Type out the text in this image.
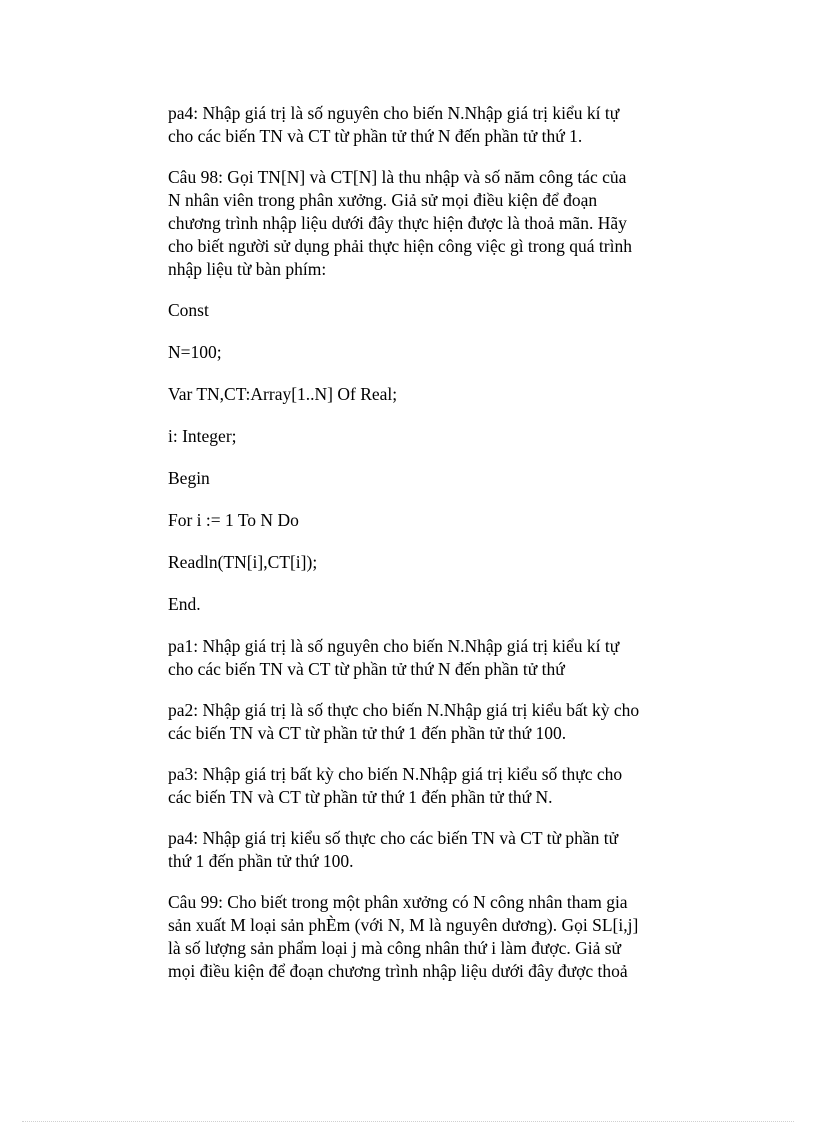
pa4: Nhập giá trị là số nguyên cho biến N.Nhập giá trị kiểu kí tự
cho các biến TN và CT từ phần tử thứ N đến phần tử thứ 1.

Câu 98: Gọi TN[N] và CT[N] là thu nhập và số năm công tác của
N nhân viên trong phân xưởng. Giả sử mọi điều kiện để đoạn
chương trình nhập liệu dưới đây thực hiện được là thoả mãn. Hãy
cho biết người sử dụng phải thực hiện công việc gì trong quá trình
nhập liệu từ bàn phím:

Const

N=100;

Var TN,CT:Array[1..N] Of Real;

i: Integer;

Begin

For i := 1 To N Do

Readln(TN[i],CT[i]);

End.

pa1: Nhập giá trị là số nguyên cho biến N.Nhập giá trị kiểu kí tự
cho các biến TN và CT từ phần tử thứ N đến phần tử thứ

pa2: Nhập giá trị là số thực cho biến N.Nhập giá trị kiểu bất kỳ cho
các biến TN và CT từ phần tử thứ 1 đến phần tử thứ 100.

pa3: Nhập giá trị bất kỳ cho biến N.Nhập giá trị kiểu số thực cho
các biến TN và CT từ phần tử thứ 1 đến phần tử thứ N.

pa4: Nhập giá trị kiểu số thực cho các biến TN và CT từ phần tử
thứ 1 đến phần tử thứ 100.

Câu 99: Cho biết trong một phân xưởng có N công nhân tham gia
sản xuất M loại sản phÈm (với N, M là nguyên dương). Gọi SL[i,j]
là số lượng sản phẩm loại j mà công nhân thứ i làm được. Giả sử
mọi điều kiện để đoạn chương trình nhập liệu dưới đây được thoả
